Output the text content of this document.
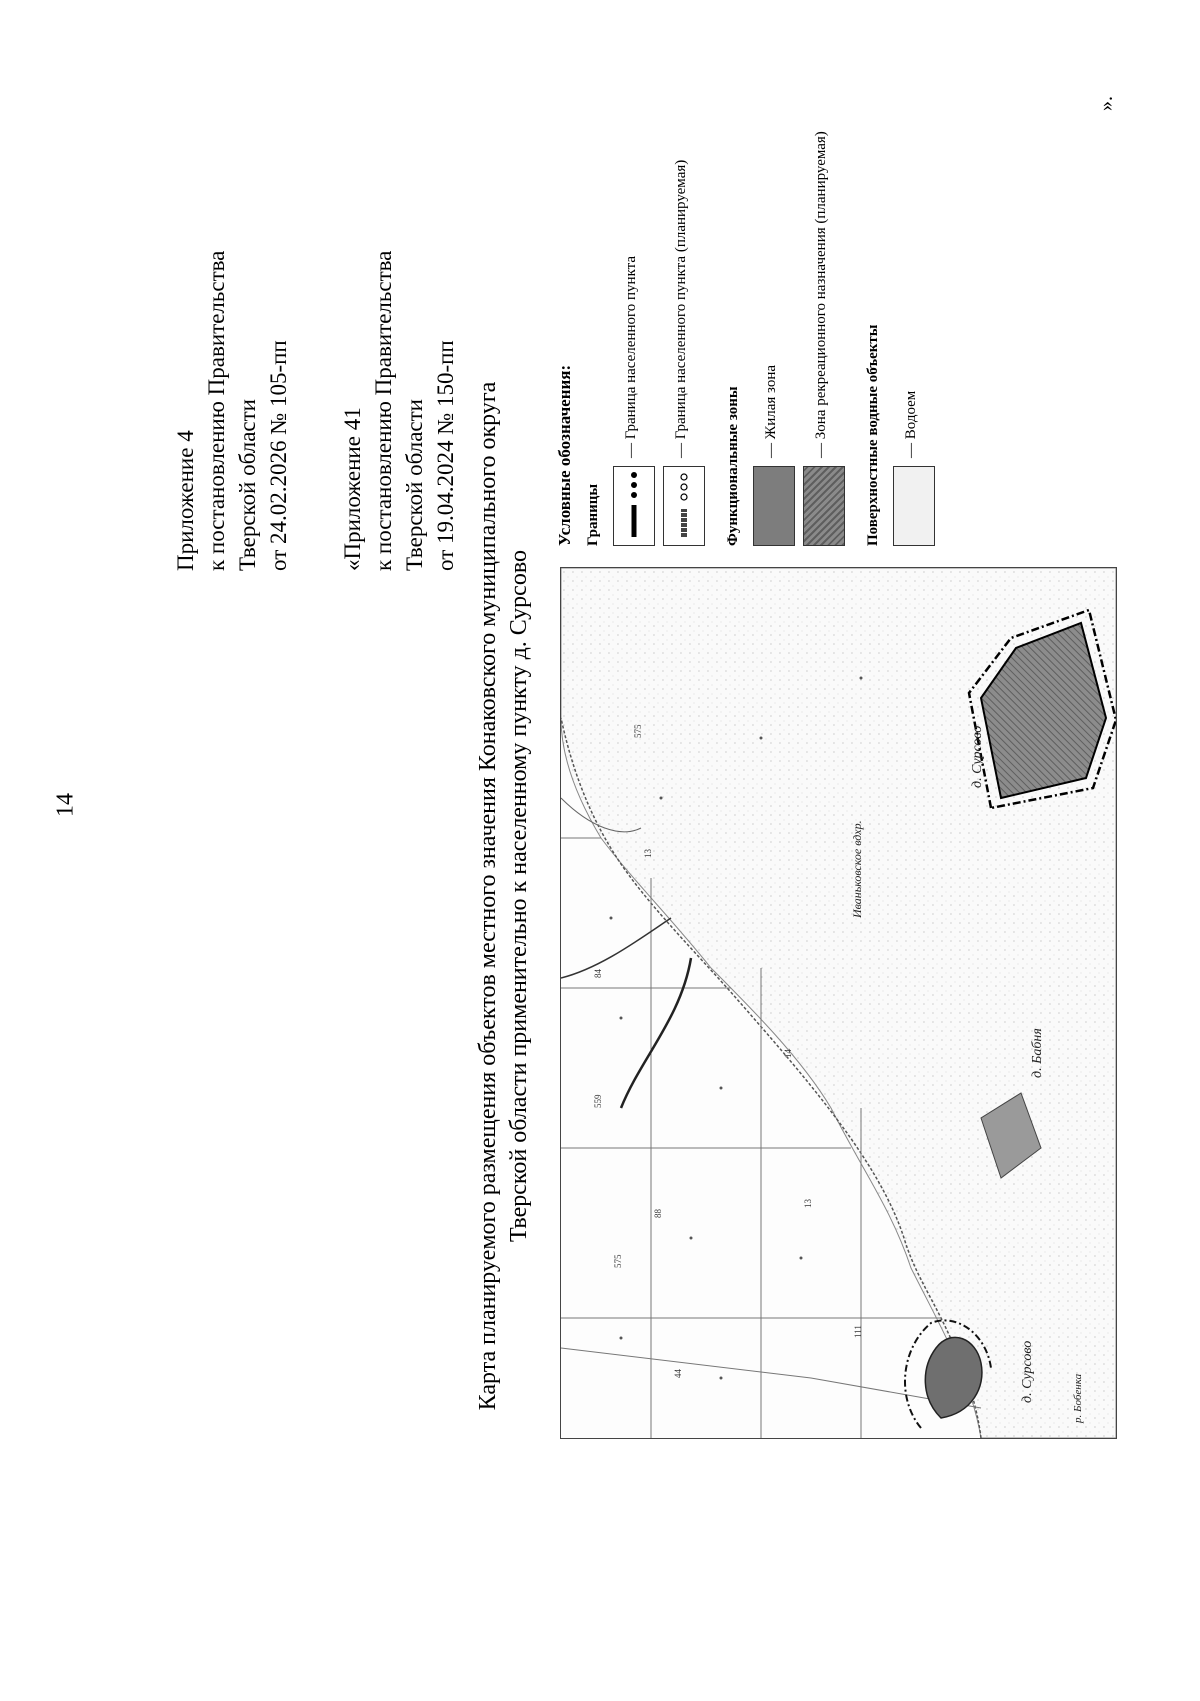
14
Приложение 4 к постановлению Правительства Тверской области от 24.02.2026 № 105-пп «Приложение 41 к постановлению Правительства Тверской области от 19.04.2024 № 150-пп Карта планируемого размещения объектов местного значения Конаковского муниципального округа Тверской области применительно к населенному пункту д. Сурсово
д. Сурсово
д. Бабня
д. Сурсово
Иваньковское вдхр.
р. Бобенка
575
88
13
14
111
559
44
13
575
84
Условные обозначения: Границы
— Граница населенного пункта
— Граница населенного пункта (планируемая)
Функциональные зоны — Жилая зона
— Зона рекреационного назначения (планируемая) Поверхностные водные объекты — Водоем
».
